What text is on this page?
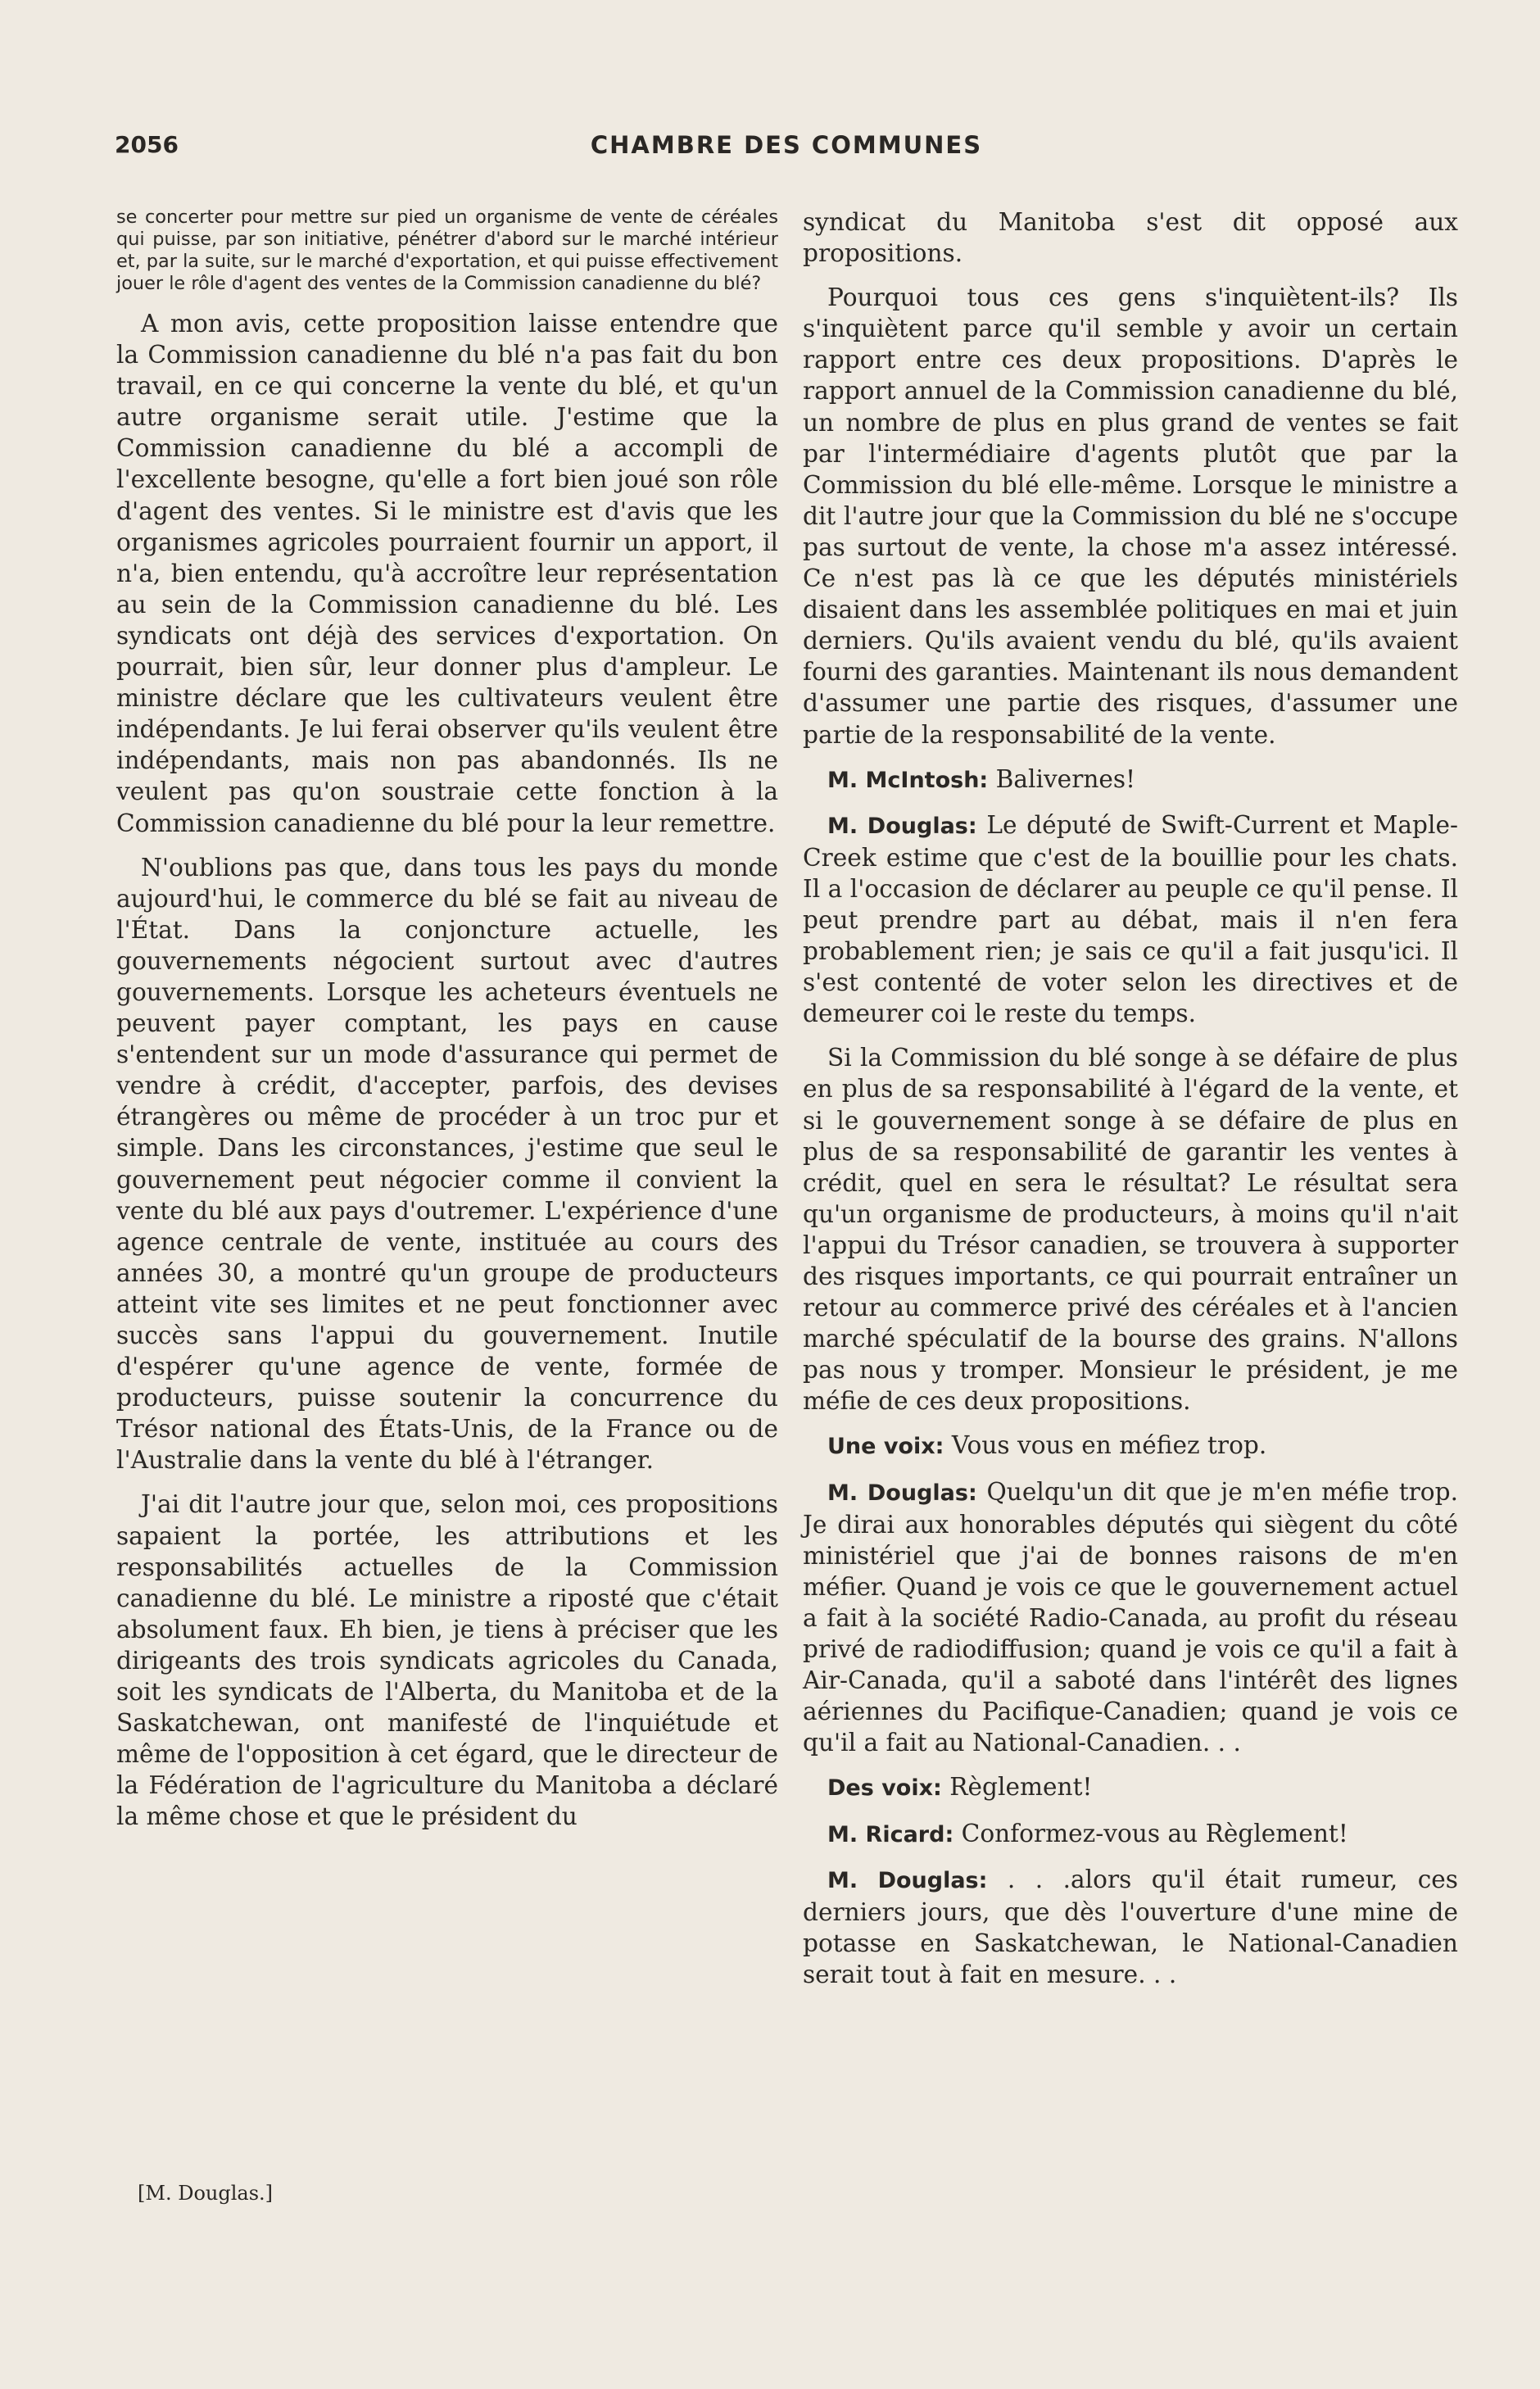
2056	CHAMBRE DES COMMUNES

se concerter pour mettre sur pied un organisme de vente de céréales qui puisse, par son initiative, pénétrer d'abord sur le marché intérieur et, par la suite, sur le marché d'exportation, et qui puisse effectivement jouer le rôle d'agent des ventes de la Commission canadienne du blé?

A mon avis, cette proposition laisse entendre que la Commission canadienne du blé n'a pas fait du bon travail, en ce qui concerne la vente du blé, et qu'un autre organisme serait utile. J'estime que la Commission canadienne du blé a accompli de l'excellente besogne, qu'elle a fort bien joué son rôle d'agent des ventes. Si le ministre est d'avis que les organismes agricoles pourraient fournir un apport, il n'a, bien entendu, qu'à accroître leur représentation au sein de la Commission canadienne du blé. Les syndicats ont déjà des services d'exportation. On pourrait, bien sûr, leur donner plus d'ampleur. Le ministre déclare que les cultivateurs veulent être indépendants. Je lui ferai observer qu'ils veulent être indépendants, mais non pas abandonnés. Ils ne veulent pas qu'on soustraie cette fonction à la Commission canadienne du blé pour la leur remettre.

N'oublions pas que, dans tous les pays du monde aujourd'hui, le commerce du blé se fait au niveau de l'État. Dans la conjoncture actuelle, les gouvernements négocient surtout avec d'autres gouvernements. Lorsque les acheteurs éventuels ne peuvent payer comptant, les pays en cause s'entendent sur un mode d'assurance qui permet de vendre à crédit, d'accepter, parfois, des devises étrangères ou même de procéder à un troc pur et simple. Dans les circonstances, j'estime que seul le gouvernement peut négocier comme il convient la vente du blé aux pays d'outremer. L'expérience d'une agence centrale de vente, instituée au cours des années 30, a montré qu'un groupe de producteurs atteint vite ses limites et ne peut fonctionner avec succès sans l'appui du gouvernement. Inutile d'espérer qu'une agence de vente, formée de producteurs, puisse soutenir la concurrence du Trésor national des États-Unis, de la France ou de l'Australie dans la vente du blé à l'étranger.

J'ai dit l'autre jour que, selon moi, ces propositions sapaient la portée, les attributions et les responsabilités actuelles de la Commission canadienne du blé. Le ministre a riposté que c'était absolument faux. Eh bien, je tiens à préciser que les dirigeants des trois syndicats agricoles du Canada, soit les syndicats de l'Alberta, du Manitoba et de la Saskatchewan, ont manifesté de l'inquiétude et même de l'opposition à cet égard, que le directeur de la Fédération de l'agriculture du Manitoba a déclaré la même chose et que le président du

syndicat du Manitoba s'est dit opposé aux propositions.

Pourquoi tous ces gens s'inquiètent-ils? Ils s'inquiètent parce qu'il semble y avoir un certain rapport entre ces deux propositions. D'après le rapport annuel de la Commission canadienne du blé, un nombre de plus en plus grand de ventes se fait par l'intermédiaire d'agents plutôt que par la Commission du blé elle-même. Lorsque le ministre a dit l'autre jour que la Commission du blé ne s'occupe pas surtout de vente, la chose m'a assez intéressé. Ce n'est pas là ce que les députés ministériels disaient dans les assemblée politiques en mai et juin derniers. Qu'ils avaient vendu du blé, qu'ils avaient fourni des garanties. Maintenant ils nous demandent d'assumer une partie des risques, d'assumer une partie de la responsabilité de la vente.

M. McIntosh: Balivernes!

M. Douglas: Le député de Swift-Current et Maple-Creek estime que c'est de la bouillie pour les chats. Il a l'occasion de déclarer au peuple ce qu'il pense. Il peut prendre part au débat, mais il n'en fera probablement rien; je sais ce qu'il a fait jusqu'ici. Il s'est contenté de voter selon les directives et de demeurer coi le reste du temps.

Si la Commission du blé songe à se défaire de plus en plus de sa responsabilité à l'égard de la vente, et si le gouvernement songe à se défaire de plus en plus de sa responsabilité de garantir les ventes à crédit, quel en sera le résultat? Le résultat sera qu'un organisme de producteurs, à moins qu'il n'ait l'appui du Trésor canadien, se trouvera à supporter des risques importants, ce qui pourrait entraîner un retour au commerce privé des céréales et à l'ancien marché spéculatif de la bourse des grains. N'allons pas nous y tromper. Monsieur le président, je me méfie de ces deux propositions.

Une voix: Vous vous en méfiez trop.

M. Douglas: Quelqu'un dit que je m'en méfie trop. Je dirai aux honorables députés qui siègent du côté ministériel que j'ai de bonnes raisons de m'en méfier. Quand je vois ce que le gouvernement actuel a fait à la société Radio-Canada, au profit du réseau privé de radiodiffusion; quand je vois ce qu'il a fait à Air-Canada, qu'il a saboté dans l'intérêt des lignes aériennes du Pacifique-Canadien; quand je vois ce qu'il a fait au National-Canadien. . .

Des voix: Règlement!

M. Ricard: Conformez-vous au Règlement!

M. Douglas: . . .alors qu'il était rumeur, ces derniers jours, que dès l'ouverture d'une mine de potasse en Saskatchewan, le National-Canadien serait tout à fait en mesure. . .

[M. Douglas.]
